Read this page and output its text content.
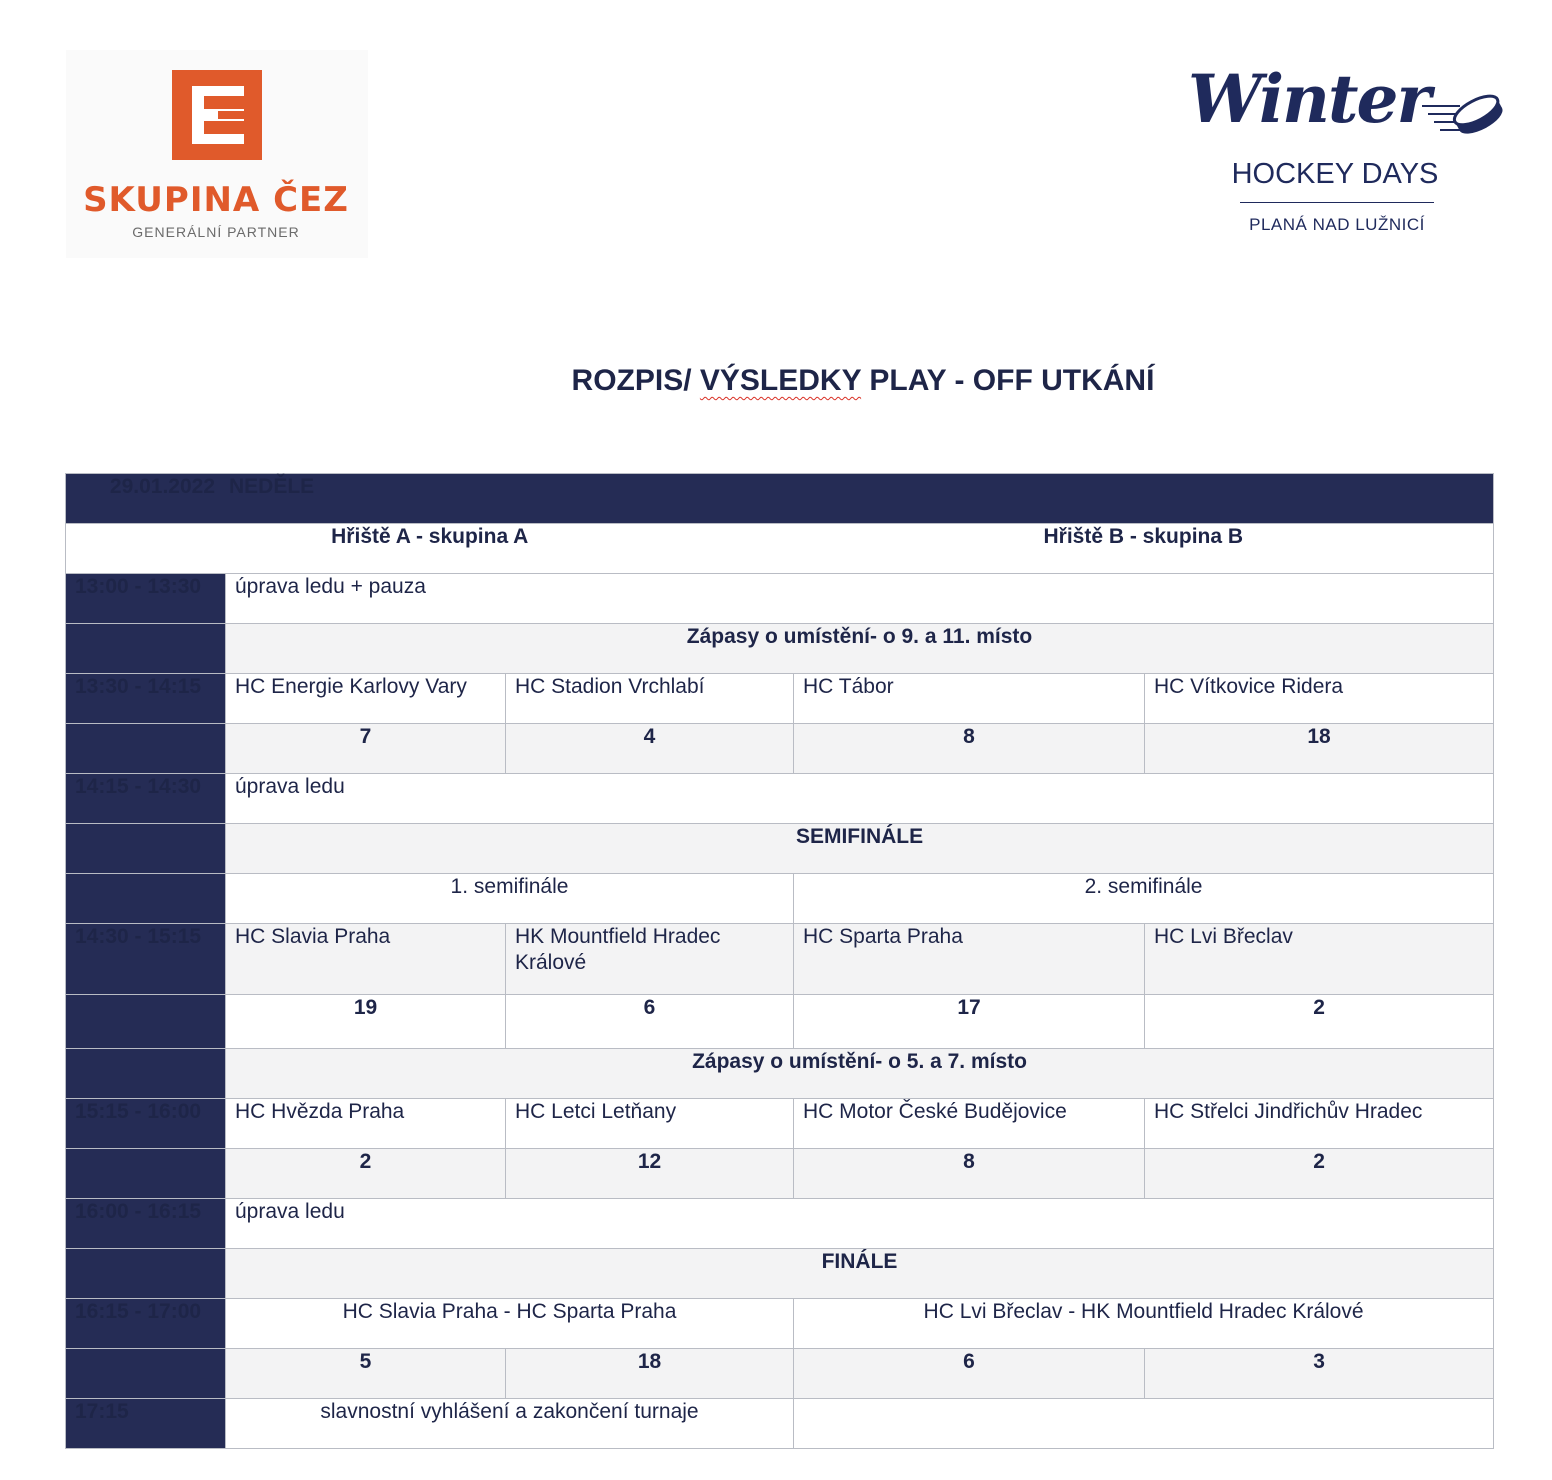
SKUPINA ČEZ
GENERÁLNÍ PARTNER
Winter
HOCKEY DAYS
PLANÁ NAD LUŽNICÍ
ROZPIS/ VÝSLEDKY PLAY - OFF UTKÁNÍ
29.01.2022 NEDĚLE				
Hřiště A - skupina A			Hřiště B - skupina B	
13:00 - 13:30	úprava ledu + pauza			
	Zápasy o umístění- o 9. a 11. místo			
13:30 - 14:15	HC Energie Karlovy Vary	HC Stadion Vrchlabí	HC Tábor	HC Vítkovice Ridera
	7	4	8	18
14:15 - 14:30	úprava ledu			
	SEMIFINÁLE			
	1. semifinále		2. semifinále	
14:30 - 15:15	HC Slavia Praha	HK Mountfield Hradec Králové	HC Sparta Praha	HC Lvi Břeclav
	19	6	17	2
	Zápasy o umístění- o 5. a 7. místo			
15:15 - 16:00	HC Hvězda Praha	HC Letci Letňany	HC Motor České Budějovice	HC Střelci Jindřichův Hradec
	2	12	8	2
16:00 - 16:15	úprava ledu			
	FINÁLE			
16:15 - 17:00	HC Slavia Praha - HC Sparta Praha		HC Lvi Břeclav - HK Mountfield Hradec Králové	
	5	18	6	3
17:15	slavnostní vyhlášení a zakončení turnaje			
